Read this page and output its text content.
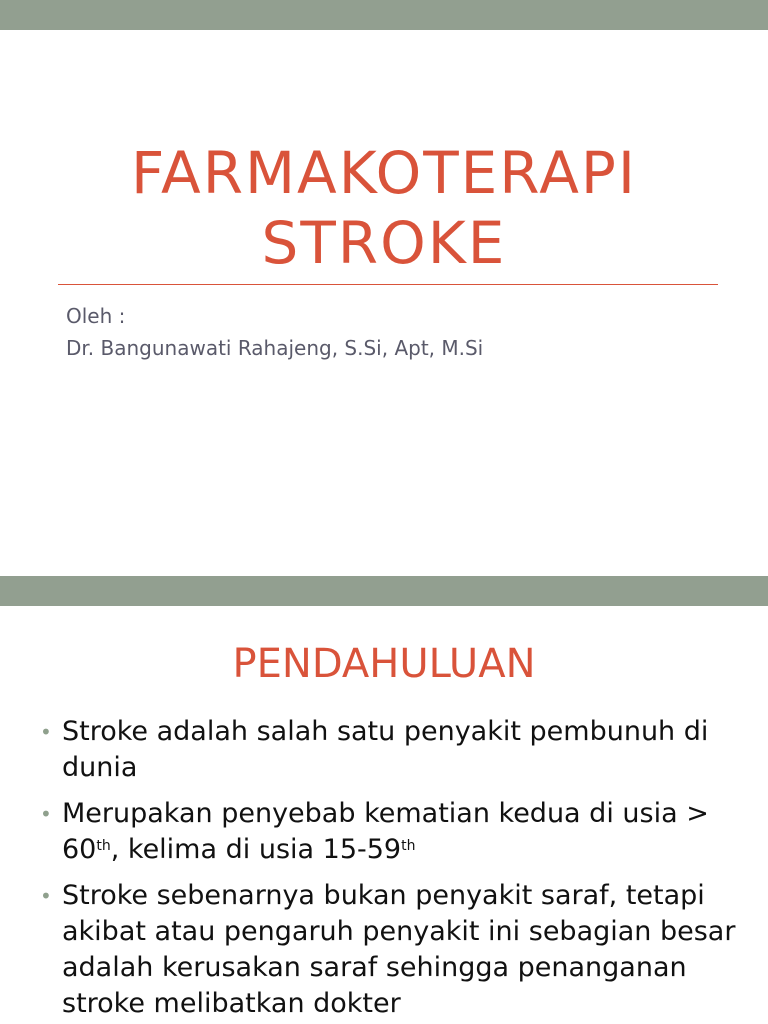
FARMAKOTERAPI
STROKE
Oleh :
Dr. Bangunawati Rahajeng, S.Si, Apt, M.Si
PENDAHULUAN
• Stroke adalah salah satu penyakit pembunuh di dunia
• Merupakan penyebab kematian kedua di usia > 60th, kelima di usia 15-59th
• Stroke sebenarnya bukan penyakit saraf, tetapi akibat atau pengaruh penyakit ini sebagian besar adalah kerusakan saraf sehingga penanganan stroke melibatkan dokter
